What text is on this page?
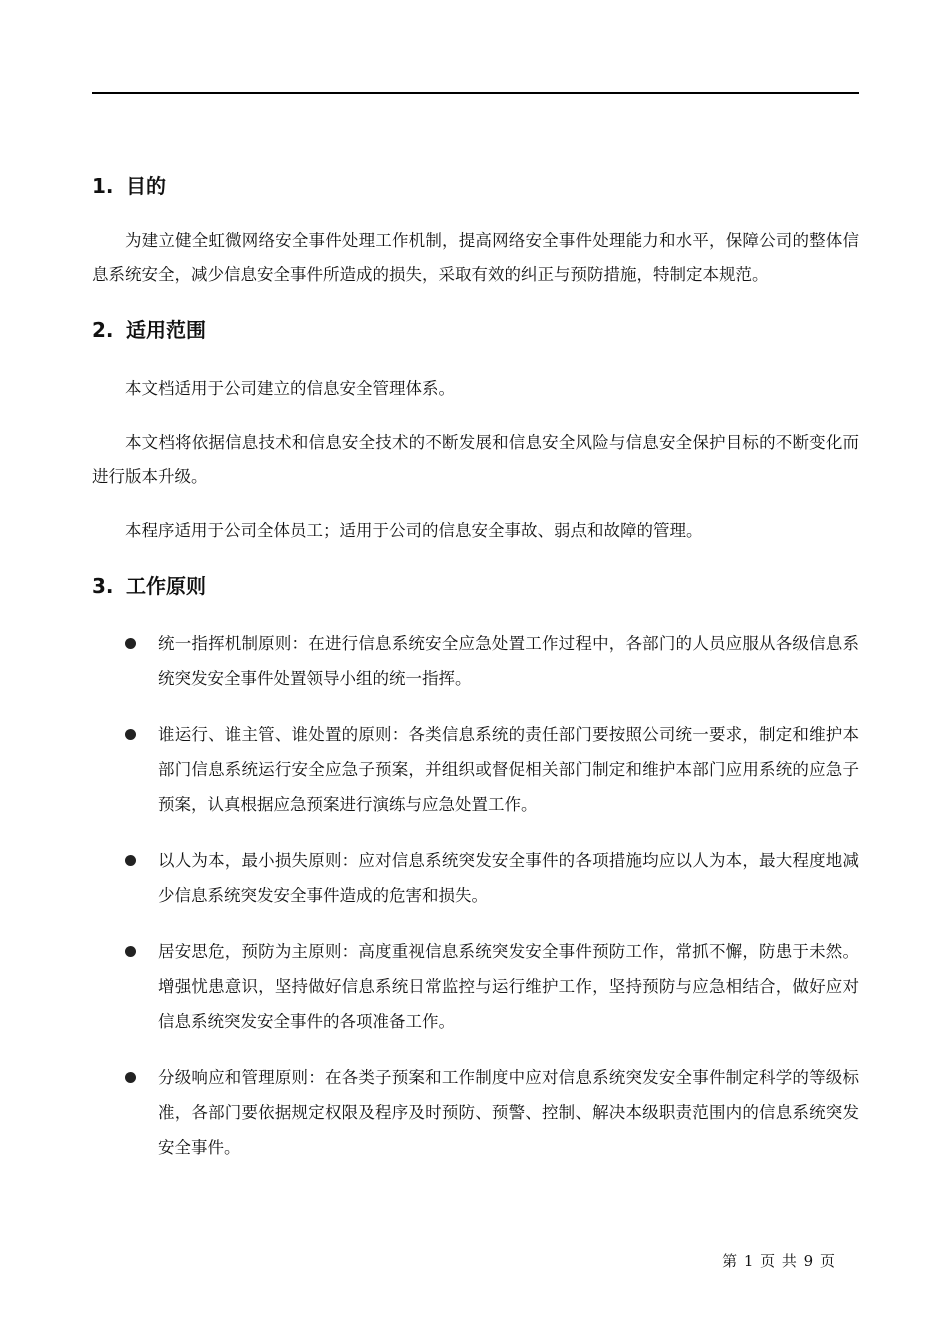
1. 目的

为建立健全虹微网络安全事件处理工作机制，提高网络安全事件处理能力和水平，保障公司的整体信息系统安全，减少信息安全事件所造成的损失，采取有效的纠正与预防措施，特制定本规范。

2. 适用范围

本文档适用于公司建立的信息安全管理体系。

本文档将依据信息技术和信息安全技术的不断发展和信息安全风险与信息安全保护目标的不断变化而进行版本升级。

本程序适用于公司全体员工；适用于公司的信息安全事故、弱点和故障的管理。

3. 工作原则
统一指挥机制原则：在进行信息系统安全应急处置工作过程中，各部门的人员应服从各级信息系统突发安全事件处置领导小组的统一指挥。
谁运行、谁主管、谁处置的原则：各类信息系统的责任部门要按照公司统一要求，制定和维护本部门信息系统运行安全应急子预案，并组织或督促相关部门制定和维护本部门应用系统的应急子预案，认真根据应急预案进行演练与应急处置工作。
以人为本，最小损失原则：应对信息系统突发安全事件的各项措施均应以人为本，最大程度地减少信息系统突发安全事件造成的危害和损失。
居安思危，预防为主原则：高度重视信息系统突发安全事件预防工作，常抓不懈，防患于未然。增强忧患意识，坚持做好信息系统日常监控与运行维护工作，坚持预防与应急相结合，做好应对信息系统突发安全事件的各项准备工作。
分级响应和管理原则：在各类子预案和工作制度中应对信息系统突发安全事件制定科学的等级标准，各部门要依据规定权限及程序及时预防、预警、控制、解决本级职责范围内的信息系统突发安全事件。
第 1 页 共 9 页
